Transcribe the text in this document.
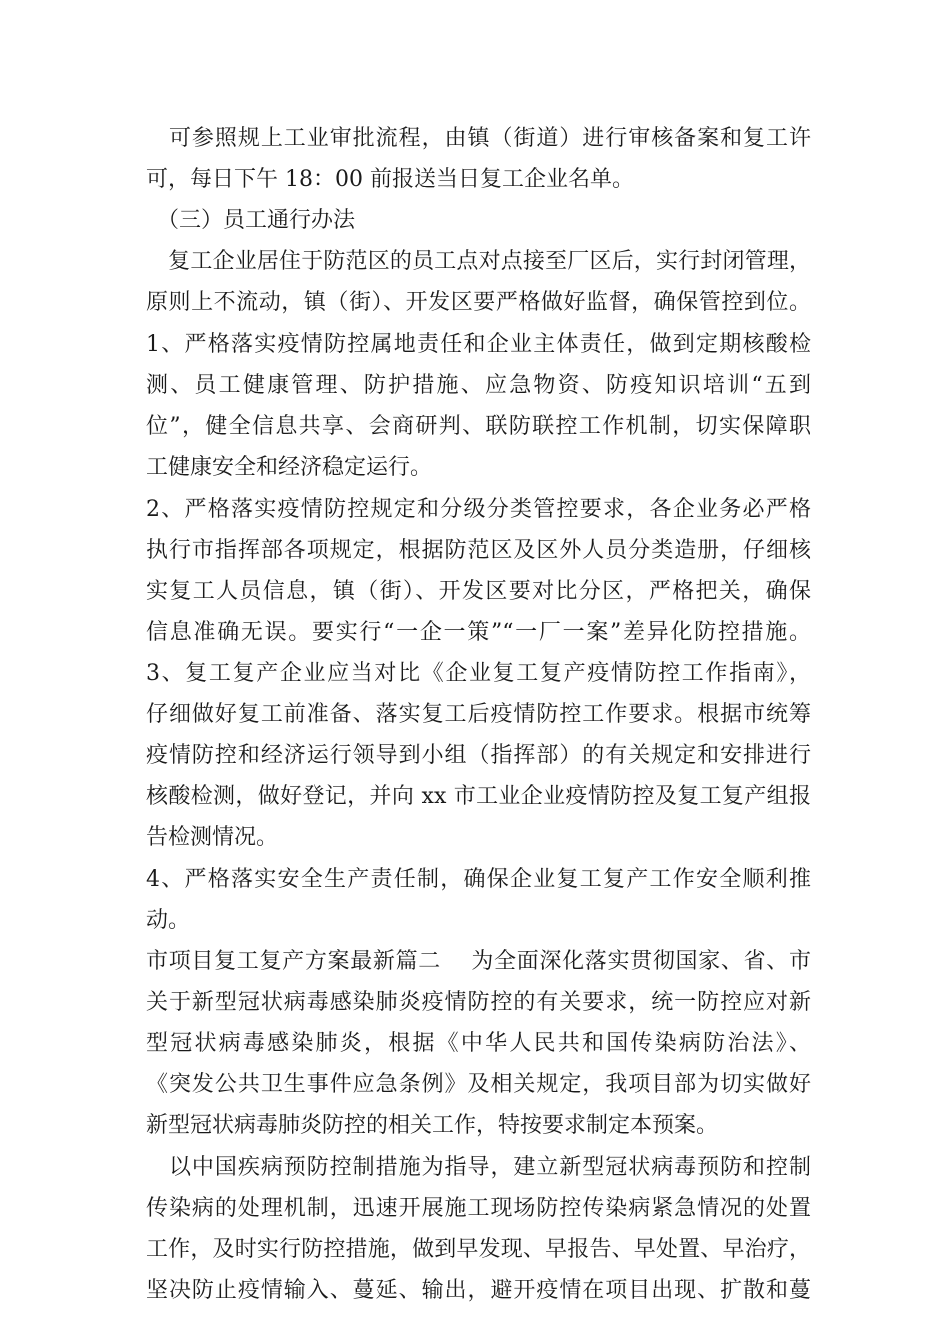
　可参照规上工业审批流程，由镇（街道）进行审核备案和复工许
可，每日下午 18：00 前报送当日复工企业名单。
　（三）员工通行办法
　复工企业居住于防范区的员工点对点接至厂区后，实行封闭管理，
原则上不流动，镇（街）、开发区要严格做好监督，确保管控到位。
1、严格落实疫情防控属地责任和企业主体责任，做到定期核酸检
测、员工健康管理、防护措施、应急物资、防疫知识培训“五到
位”，健全信息共享、会商研判、联防联控工作机制，切实保障职
工健康安全和经济稳定运行。
2、严格落实疫情防控规定和分级分类管控要求，各企业务必严格
执行市指挥部各项规定，根据防范区及区外人员分类造册，仔细核
实复工人员信息，镇（街）、开发区要对比分区，严格把关，确保
信息准确无误。要实行“一企一策”“一厂一案”差异化防控措施。
3、复工复产企业应当对比《企业复工复产疫情防控工作指南》，
仔细做好复工前准备、落实复工后疫情防控工作要求。根据市统筹
疫情防控和经济运行领导到小组（指挥部）的有关规定和安排进行
核酸检测，做好登记，并向 xx 市工业企业疫情防控及复工复产组报
告检测情况。
4、严格落实安全生产责任制，确保企业复工复产工作安全顺利推
动。
市项目复工复产方案最新篇二　 为全面深化落实贯彻国家、省、市
关于新型冠状病毒感染肺炎疫情防控的有关要求，统一防控应对新
型冠状病毒感染肺炎，根据《中华人民共和国传染病防治法》、
《突发公共卫生事件应急条例》及相关规定，我项目部为切实做好
新型冠状病毒肺炎防控的相关工作，特按要求制定本预案。
　以中国疾病预防控制措施为指导，建立新型冠状病毒预防和控制
传染病的处理机制，迅速开展施工现场防控传染病紧急情况的处置
工作，及时实行防控措施，做到早发现、早报告、早处置、早治疗，
坚决防止疫情输入、蔓延、输出，避开疫情在项目出现、扩散和蔓
